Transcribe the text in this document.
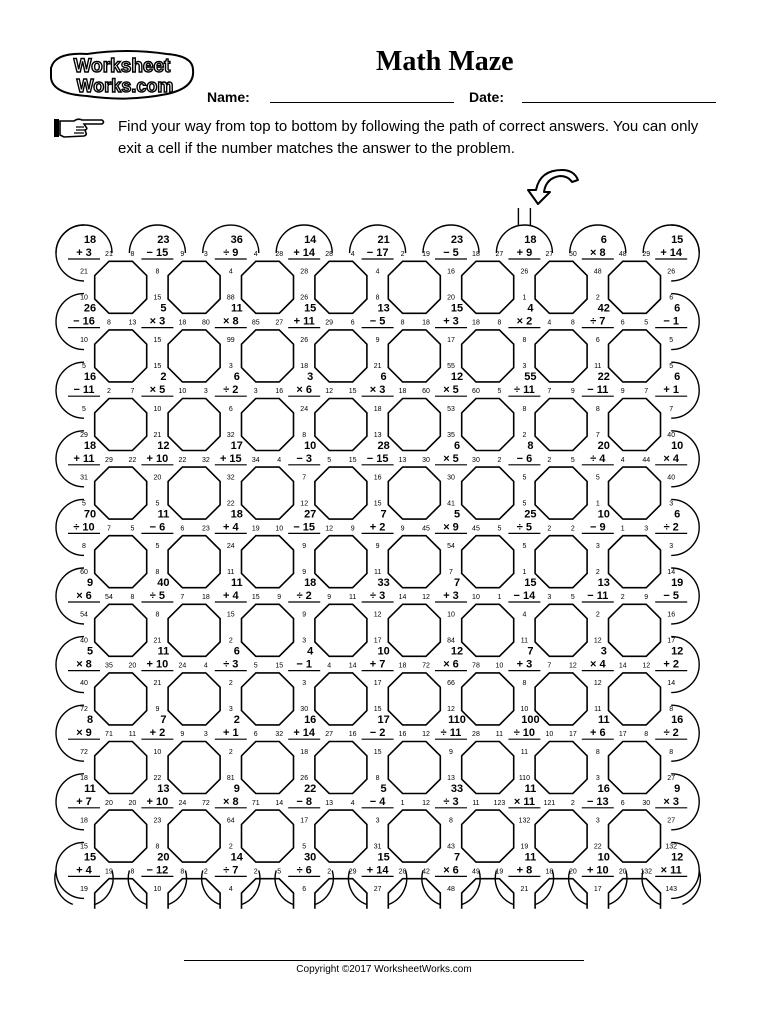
Worksheet
Works.com
Math Maze
Name:	Date:
Find your way from top to bottom by following the path of correct answers. You can only exit a cell if the number matches the answer to the problem.
18
+ 3
23
− 15
36
÷ 9
14
+ 14
21
− 17
23
− 5
18
+ 9
6
× 8
15
+ 14
26
− 16
5
× 3
11
× 8
15
+ 11
13
− 5
15
+ 3
4
× 2
42
÷ 7
6
− 1
16
− 11
2
× 5
6
÷ 2
3
× 6
6
× 3
12
× 5
55
÷ 11
22
− 11
6
+ 1
18
+ 11
12
+ 10
17
+ 15
10
− 3
28
− 15
6
× 5
8
− 6
20
÷ 4
10
× 4
70
÷ 10
11
− 6
18
+ 4
27
− 15
7
+ 2
5
× 9
25
÷ 5
10
− 9
6
÷ 2
9
× 6
40
÷ 5
11
+ 4
18
÷ 2
33
÷ 3
7
+ 3
15
− 14
13
− 11
19
− 5
5
× 8
11
+ 10
6
÷ 3
4
− 1
10
+ 7
12
× 6
7
+ 3
3
× 4
12
+ 2
8
× 9
7
+ 2
2
+ 1
16
+ 14
17
− 2
110
÷ 11
100
÷ 10
11
+ 6
16
÷ 2
11
+ 7
13
+ 10
9
× 8
22
− 8
5
− 4
33
÷ 3
11
× 11
16
− 13
9
× 3
15
+ 4
20
− 12
14
÷ 7
30
÷ 6
15
+ 14
7
× 6
11
+ 8
10
+ 10
12
× 11
21	8	9	3	4	28	28	4	2	19	18 27	27 50	48 29
8	13	18 80	85 27	29	6	8	18	18	8	4	8	6	5
2	7	10	3	3	16	12 15	18 60	60	5	7	9	9	7
29 22	22 32	34	4	5	15	13 30	30	2	2	5	4	44
7	5	6	23	19 10	12	9	9	45	45	5	2	2	1	3
54	8	7	18	15	9	9	11	14 12	10	1	3	5	2	9
35 20	24	4	5	15	4	14	18 72	78 10	7	12	14 12
71 11	9	3	6	32	27 16	16 12	28 11	10 17	17	8
20 20	24 72	71 14	13	4	1	12	11 123	121 2	6	30
19	8	8	2	2	5	2	29	28 42	49 19	18 20	20 132
21
10
8
15
4
88
28
26
4
8
16
20
26
1
48
2
26
6
10
5
15
15
99
3
26
18
9
21
17
55
8
3
6
11
5
5
5
29
10
21
6
32
24
8
18
13
53
35
8
2
8
7
7
40
31
5
20
5
32
22
7
12
16
15
30
41
5
5
5
1
40
3
8
60
5
8
24
11
9
9
9
11
54
7
5
1
3
2
3
14
54
40
8
21
15
2
9
3
12
17
10
84
4
11
2
12
16
17
40
72
21
9
2
3
3
30
17
15
66
12
8
10
12
11
14
8
72
18
10
22
2
81
18
26
15
8
9
13
11
110
8
3
8
27
18
15
23
8
64
2
17
5
3
31
8
43
132
19
3
22
27
132
19	10	4	6	27	48	21	17	143
Copyright ©2017 WorksheetWorks.com
